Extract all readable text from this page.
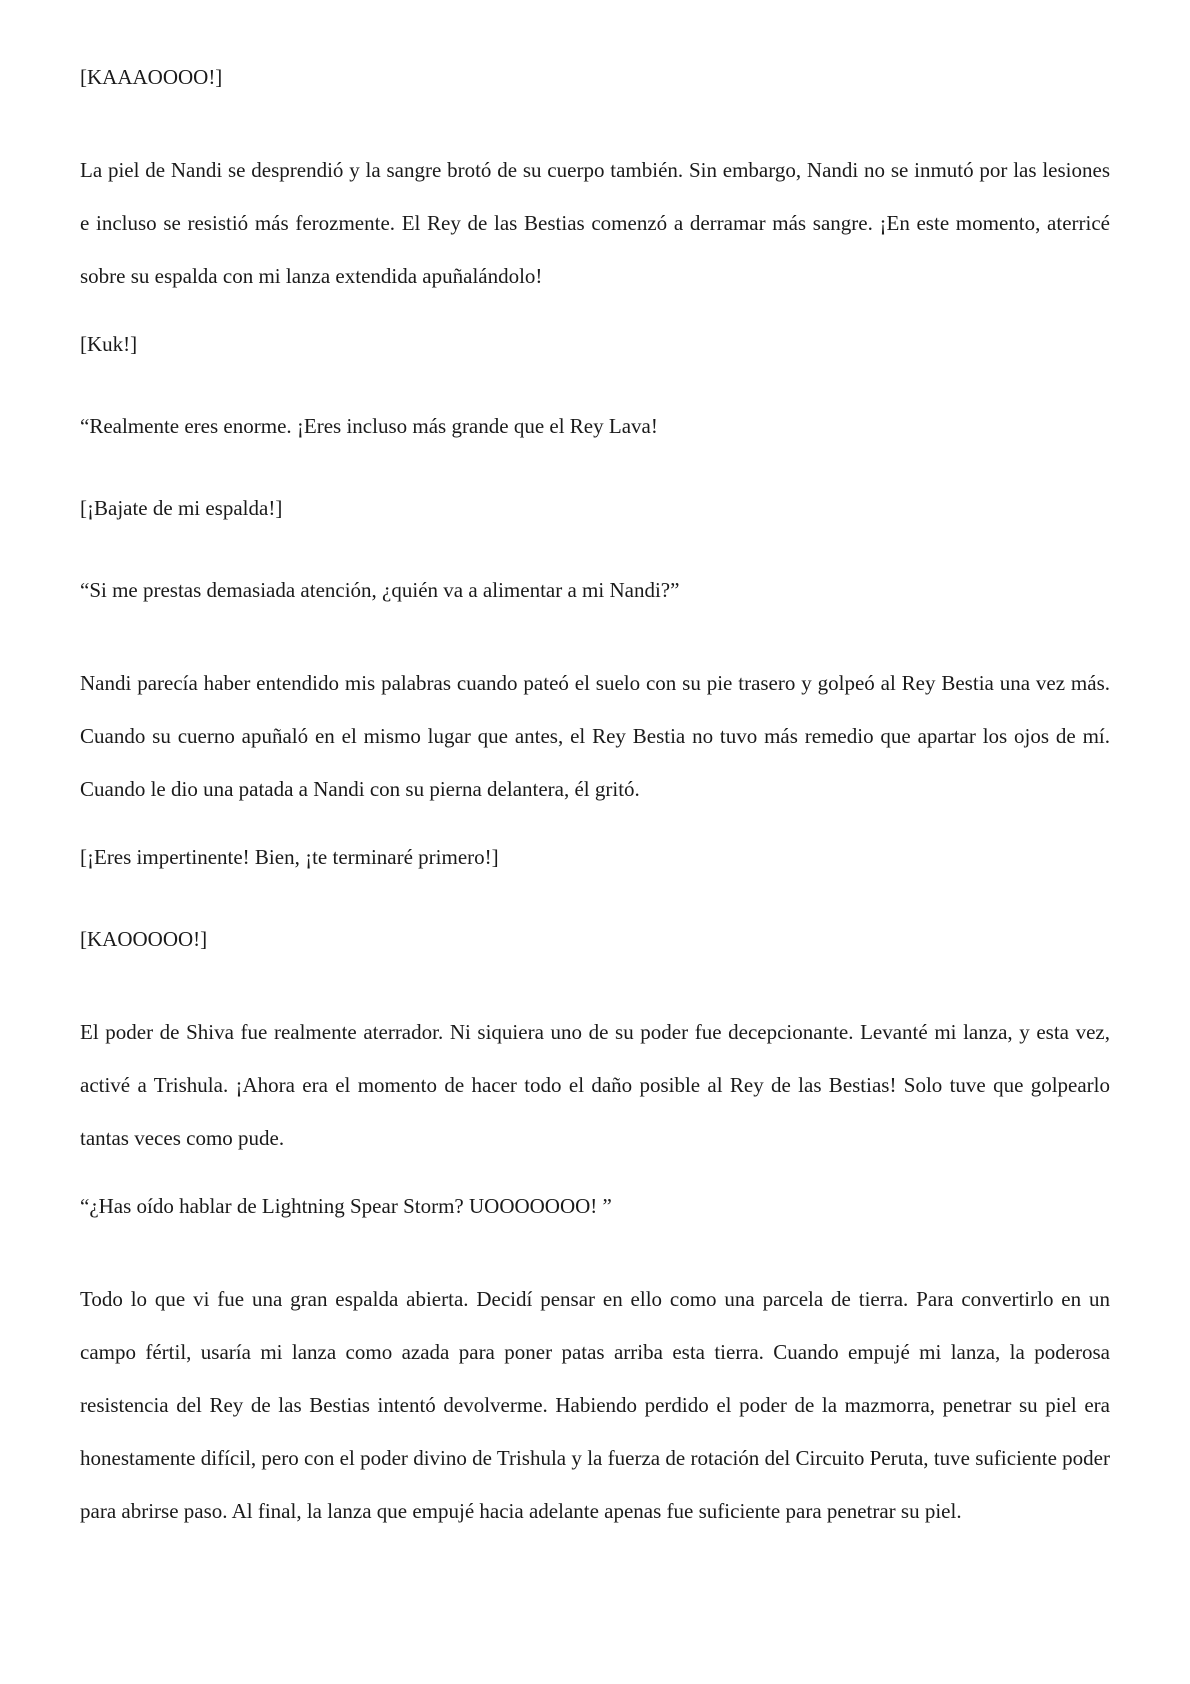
[KAAAOOOO!]

La piel de Nandi se desprendió y la sangre brotó de su cuerpo también. Sin embargo, Nandi no se inmutó por las lesiones e incluso se resistió más ferozmente. El Rey de las Bestias comenzó a derramar más sangre. ¡En este momento, aterricé sobre su espalda con mi lanza extendida apuñalándolo!

[Kuk!]

“Realmente eres enorme. ¡Eres incluso más grande que el Rey Lava!

[¡Bajate de mi espalda!]

“Si me prestas demasiada atención, ¿quién va a alimentar a mi Nandi?”

Nandi parecía haber entendido mis palabras cuando pateó el suelo con su pie trasero y golpeó al Rey Bestia una vez más. Cuando su cuerno apuñaló en el mismo lugar que antes, el Rey Bestia no tuvo más remedio que apartar los ojos de mí. Cuando le dio una patada a Nandi con su pierna delantera, él gritó.

[¡Eres impertinente! Bien, ¡te terminaré primero!]

[KAOOOOO!]

El poder de Shiva fue realmente aterrador. Ni siquiera uno de su poder fue decepcionante. Levanté mi lanza, y esta vez, activé a Trishula. ¡Ahora era el momento de hacer todo el daño posible al Rey de las Bestias! Solo tuve que golpearlo tantas veces como pude.

“¿Has oído hablar de Lightning Spear Storm? UOOOOOOO! ”

Todo lo que vi fue una gran espalda abierta. Decidí pensar en ello como una parcela de tierra. Para convertirlo en un campo fértil, usaría mi lanza como azada para poner patas arriba esta tierra. Cuando empujé mi lanza, la poderosa resistencia del Rey de las Bestias intentó devolverme. Habiendo perdido el poder de la mazmorra, penetrar su piel era honestamente difícil, pero con el poder divino de Trishula y la fuerza de rotación del Circuito Peruta, tuve suficiente poder para abrirse paso. Al final, la lanza que empujé hacia adelante apenas fue suficiente para penetrar su piel.
